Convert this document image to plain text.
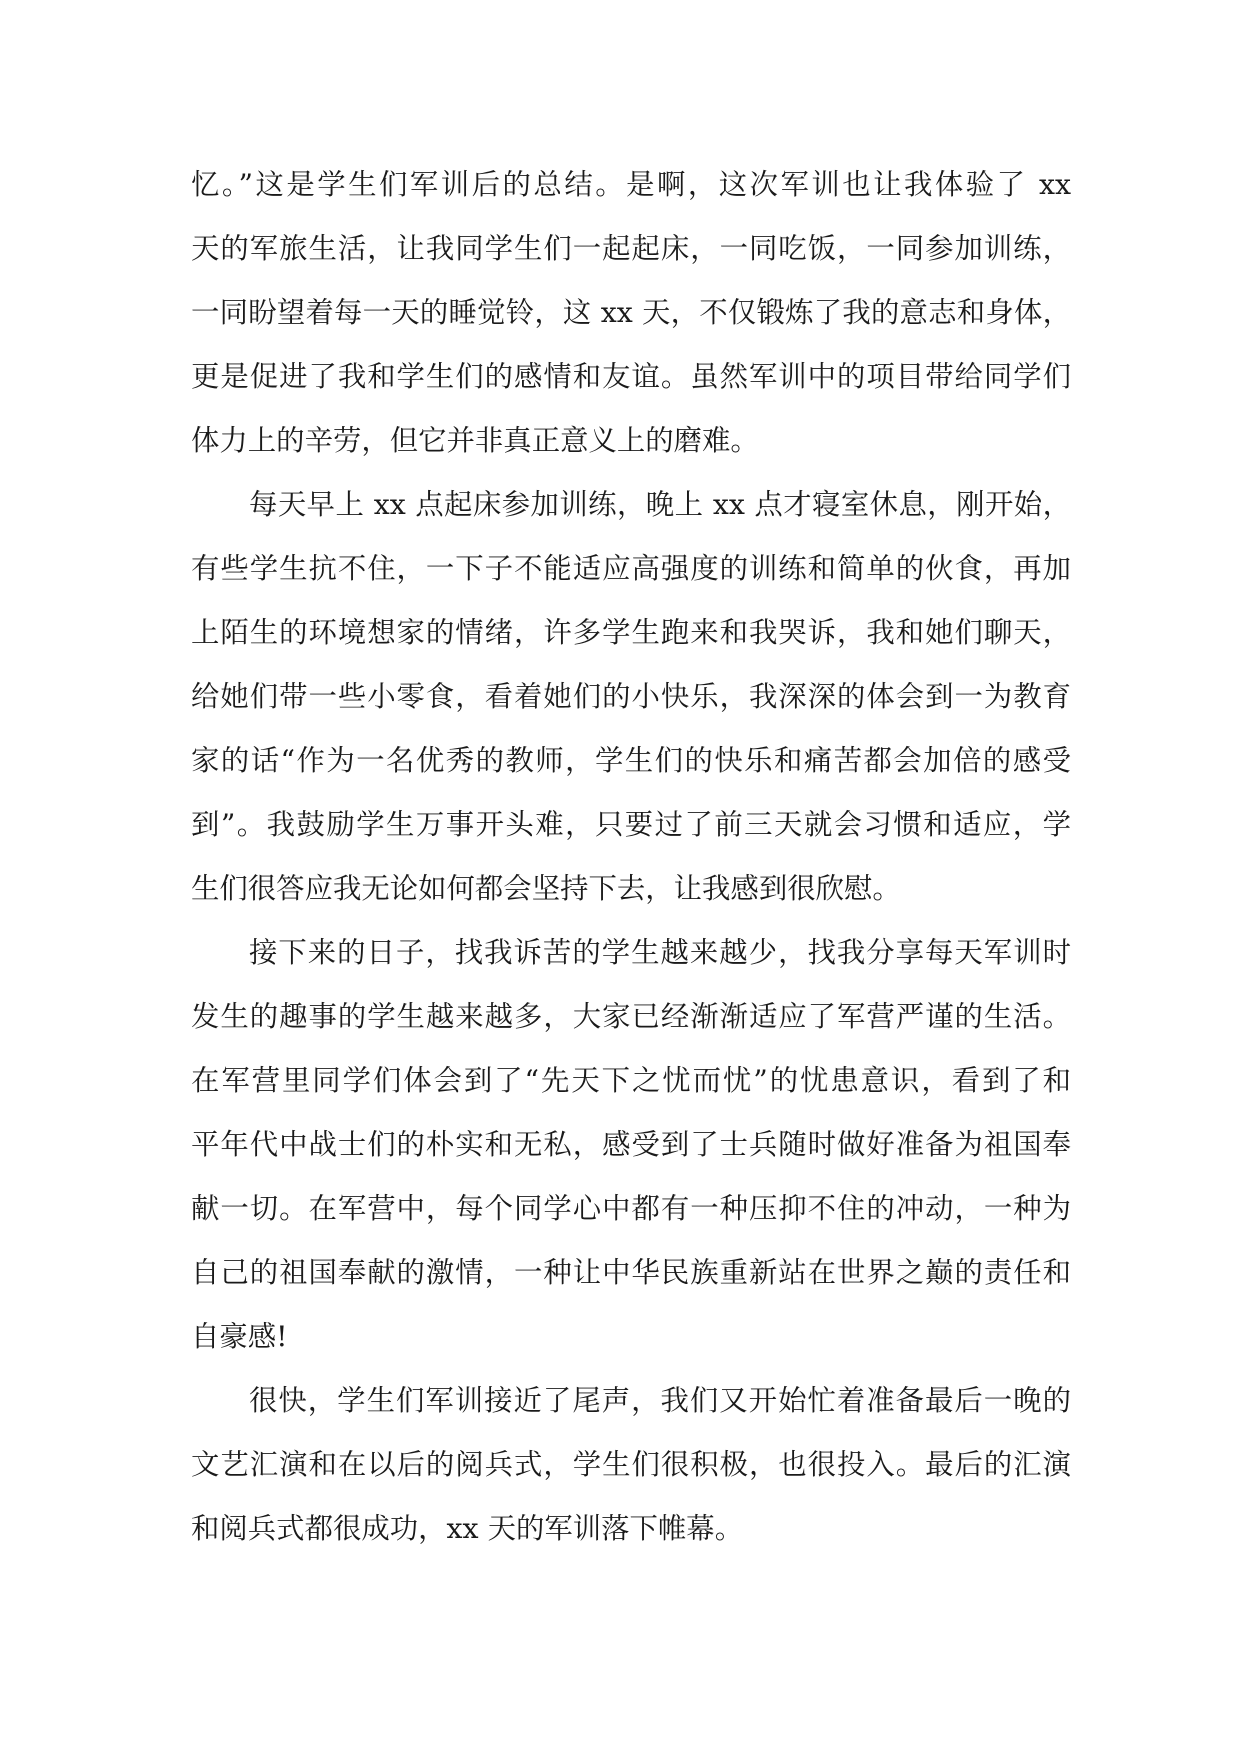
忆。”这是学生们军训后的总结。是啊，这次军训也让我体验了 xx
天的军旅生活，让我同学生们一起起床，一同吃饭，一同参加训练，
一同盼望着每一天的睡觉铃，这 xx 天，不仅锻炼了我的意志和身体，
更是促进了我和学生们的感情和友谊。虽然军训中的项目带给同学们
体力上的辛劳，但它并非真正意义上的磨难。
每天早上 xx 点起床参加训练，晚上 xx 点才寝室休息，刚开始，
有些学生抗不住，一下子不能适应高强度的训练和简单的伙食，再加
上陌生的环境想家的情绪，许多学生跑来和我哭诉，我和她们聊天，
给她们带一些小零食，看着她们的小快乐，我深深的体会到一为教育
家的话“作为一名优秀的教师，学生们的快乐和痛苦都会加倍的感受
到”。我鼓励学生万事开头难，只要过了前三天就会习惯和适应，学
生们很答应我无论如何都会坚持下去，让我感到很欣慰。
接下来的日子，找我诉苦的学生越来越少，找我分享每天军训时
发生的趣事的学生越来越多，大家已经渐渐适应了军营严谨的生活。
在军营里同学们体会到了“先天下之忧而忧”的忧患意识，看到了和
平年代中战士们的朴实和无私，感受到了士兵随时做好准备为祖国奉
献一切。在军营中，每个同学心中都有一种压抑不住的冲动，一种为
自己的祖国奉献的激情，一种让中华民族重新站在世界之巅的责任和
自豪感!
很快，学生们军训接近了尾声，我们又开始忙着准备最后一晚的
文艺汇演和在以后的阅兵式，学生们很积极，也很投入。最后的汇演
和阅兵式都很成功，xx 天的军训落下帷幕。
